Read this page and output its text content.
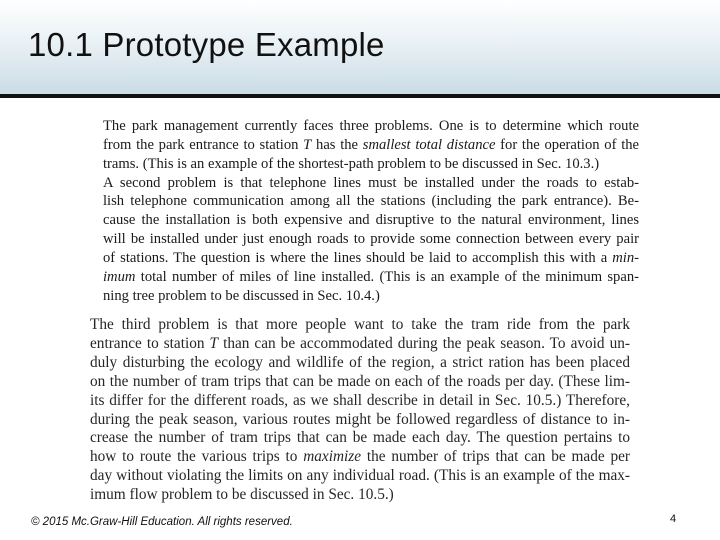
10.1 Prototype Example
The park management currently faces three problems. One is to determine which route
from the park entrance to station T has the smallest total distance for the operation of the
trams. (This is an example of the shortest-path problem to be discussed in Sec. 10.3.)
A second problem is that telephone lines must be installed under the roads to estab-
lish telephone communication among all the stations (including the park entrance). Be-
cause the installation is both expensive and disruptive to the natural environment, lines
will be installed under just enough roads to provide some connection between every pair
of stations. The question is where the lines should be laid to accomplish this with a min-
imum total number of miles of line installed. (This is an example of the minimum span-
ning tree problem to be discussed in Sec. 10.4.)
The third problem is that more people want to take the tram ride from the park
entrance to station T than can be accommodated during the peak season. To avoid un-
duly disturbing the ecology and wildlife of the region, a strict ration has been placed
on the number of tram trips that can be made on each of the roads per day. (These lim-
its differ for the different roads, as we shall describe in detail in Sec. 10.5.) Therefore,
during the peak season, various routes might be followed regardless of distance to in-
crease the number of tram trips that can be made each day. The question pertains to
how to route the various trips to maximize the number of trips that can be made per
day without violating the limits on any individual road. (This is an example of the max-
imum flow problem to be discussed in Sec. 10.5.)
© 2015 Mc.Graw-Hill Education. All rights reserved.	4
